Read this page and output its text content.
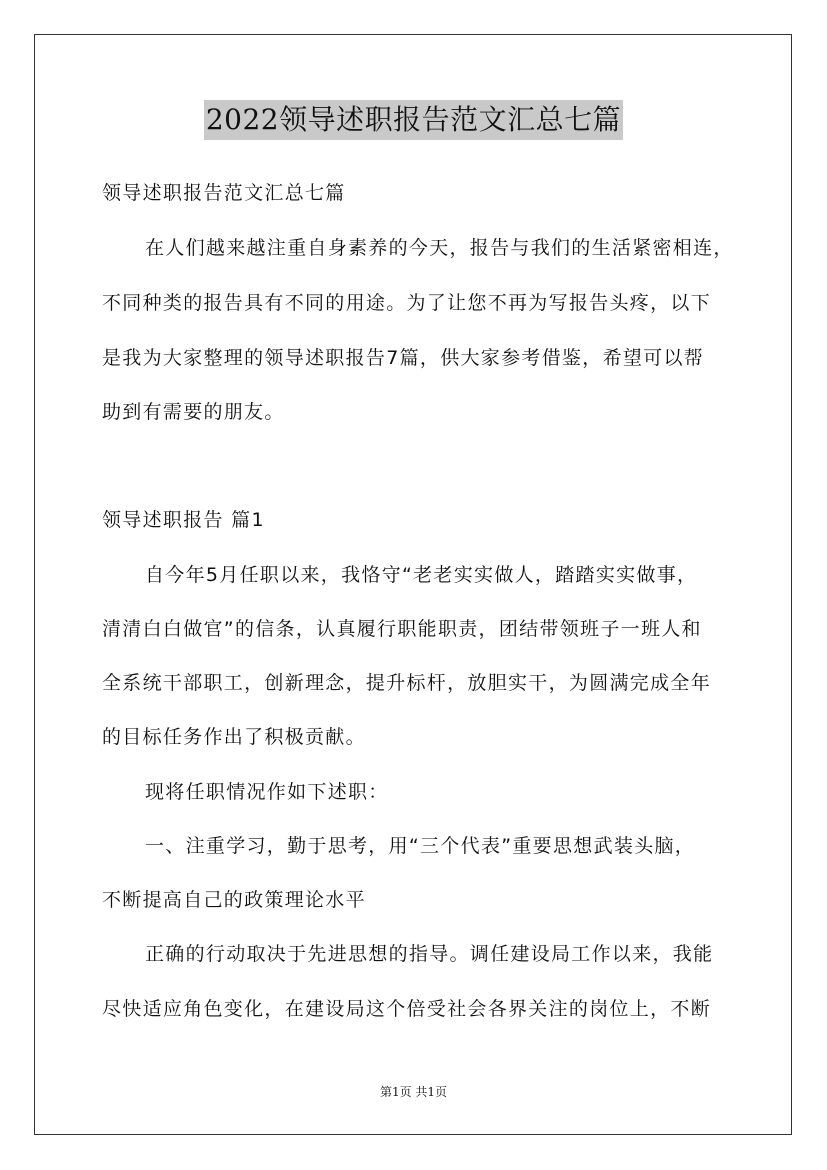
2022领导述职报告范文汇总七篇
领导述职报告范文汇总七篇
在人们越来越注重自身素养的今天，报告与我们的生活紧密相连，
不同种类的报告具有不同的用途。为了让您不再为写报告头疼，以下
是我为大家整理的领导述职报告7篇，供大家参考借鉴，希望可以帮
助到有需要的朋友。
领导述职报告 篇1
自今年5月任职以来，我恪守“老老实实做人，踏踏实实做事，
清清白白做官”的信条，认真履行职能职责，团结带领班子一班人和
全系统干部职工，创新理念，提升标杆，放胆实干，为圆满完成全年
的目标任务作出了积极贡献。
现将任职情况作如下述职：
一、注重学习，勤于思考，用“三个代表”重要思想武装头脑，
不断提高自己的政策理论水平
正确的行动取决于先进思想的指导。调任建设局工作以来，我能
尽快适应角色变化，在建设局这个倍受社会各界关注的岗位上，不断
第1页 共1页
